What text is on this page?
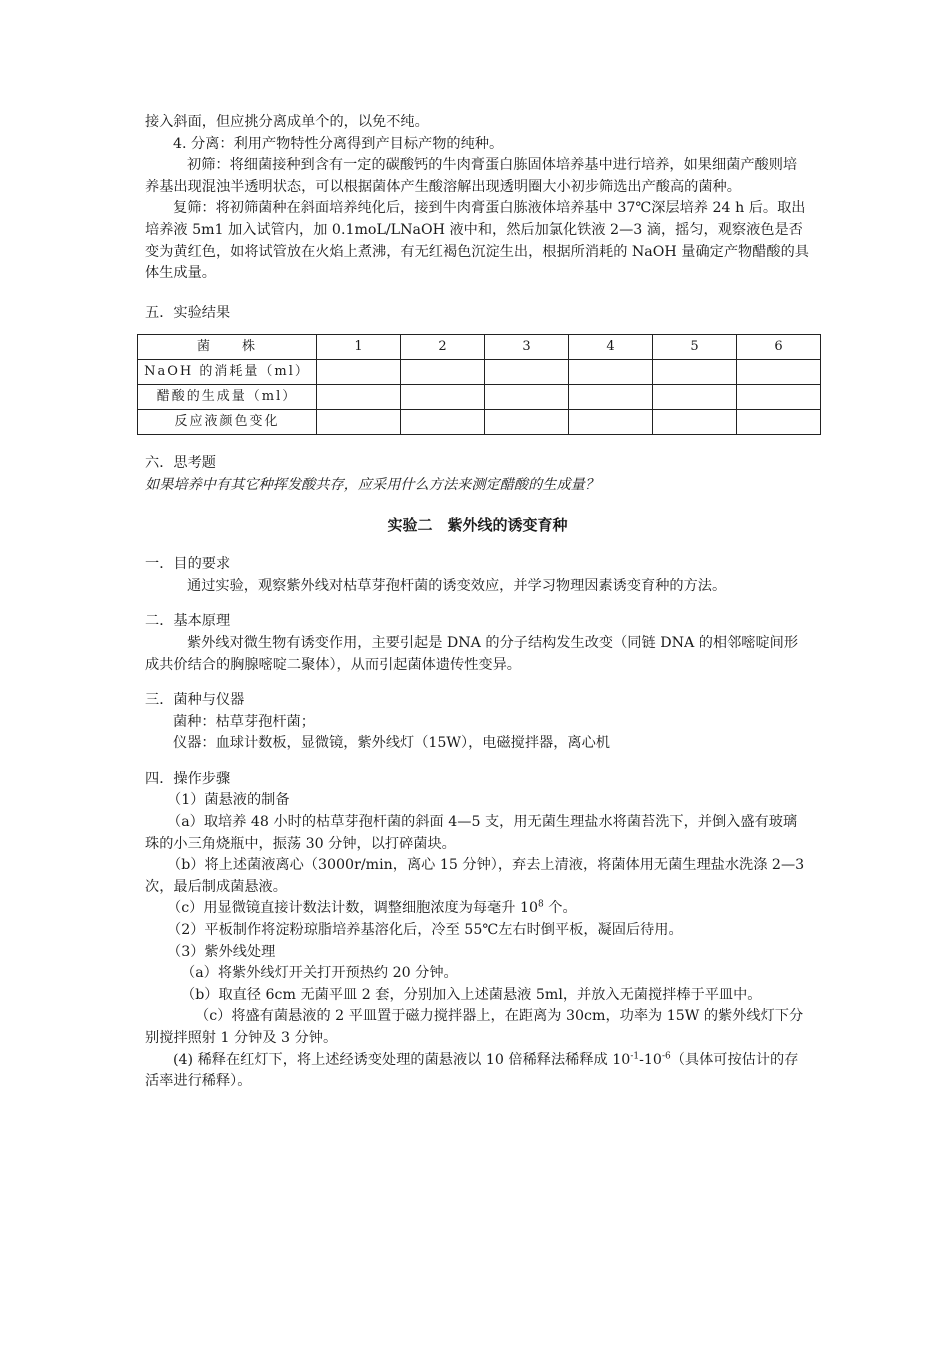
接入斜面，但应挑分离成单个的，以免不纯。

4. 分离：利用产物特性分离得到产目标产物的纯种。

初筛：将细菌接种到含有一定的碳酸钙的牛肉膏蛋白胨固体培养基中进行培养，如果细菌产酸则培养基出现混浊半透明状态，可以根据菌体产生酸溶解出现透明圈大小初步筛选出产酸高的菌种。

复筛：将初筛菌种在斜面培养纯化后，接到牛肉膏蛋白胨液体培养基中 37℃深层培养 24 h 后。取出培养液 5m1 加入试管内，加 0.1moL/LNaOH 液中和，然后加氯化铁液 2—3 滴，摇匀，观察液色是否变为黄红色，如将试管放在火焰上煮沸，有无红褐色沉淀生出，根据所消耗的 NaOH 量确定产物醋酸的具体生成量。

五．实验结果

菌　　株	1	2	3	4	5	6
NaOH 的消耗量（ml）						
醋酸的生成量（ml）						
反应液颜色变化						

六．思考题

如果培养中有其它种挥发酸共存，应采用什么方法来测定醋酸的生成量？

实验二　紫外线的诱变育种

一．目的要求

通过实验，观察紫外线对枯草芽孢杆菌的诱变效应，并学习物理因素诱变育种的方法。

二．基本原理

紫外线对微生物有诱变作用，主要引起是 DNA 的分子结构发生改变（同链 DNA 的相邻嘧啶间形成共价结合的胸腺嘧啶二聚体），从而引起菌体遗传性变异。

三．菌种与仪器

菌种：枯草芽孢杆菌；

仪器：血球计数板，显微镜，紫外线灯（15W），电磁搅拌器，离心机

四．操作步骤

（1）菌悬液的制备

（a）取培养 48 小时的枯草芽孢杆菌的斜面 4—5 支，用无菌生理盐水将菌苔洗下，并倒入盛有玻璃珠的小三角烧瓶中，振荡 30 分钟，以打碎菌块。

（b）将上述菌液离心（3000r/min，离心 15 分钟），弃去上清液，将菌体用无菌生理盐水洗涤 2—3 次，最后制成菌悬液。

（c）用显微镜直接计数法计数，调整细胞浓度为每毫升 $10^8$ 个。

（2）平板制作将淀粉琼脂培养基溶化后，冷至 55℃左右时倒平板，凝固后待用。

（3）紫外线处理

（a）将紫外线灯开关打开预热约 20 分钟。

（b）取直径 6cm 无菌平皿 2 套，分别加入上述菌悬液 5ml，并放入无菌搅拌棒于平皿中。

（c）将盛有菌悬液的 2 平皿置于磁力搅拌器上，在距离为 30cm，功率为 15W 的紫外线灯下分别搅拌照射 1 分钟及 3 分钟。

(4) 稀释在红灯下，将上述经诱变处理的菌悬液以 10 倍稀释法稀释成 $10^{-1}-10^{-6}$（具体可按估计的存活率进行稀释）。
